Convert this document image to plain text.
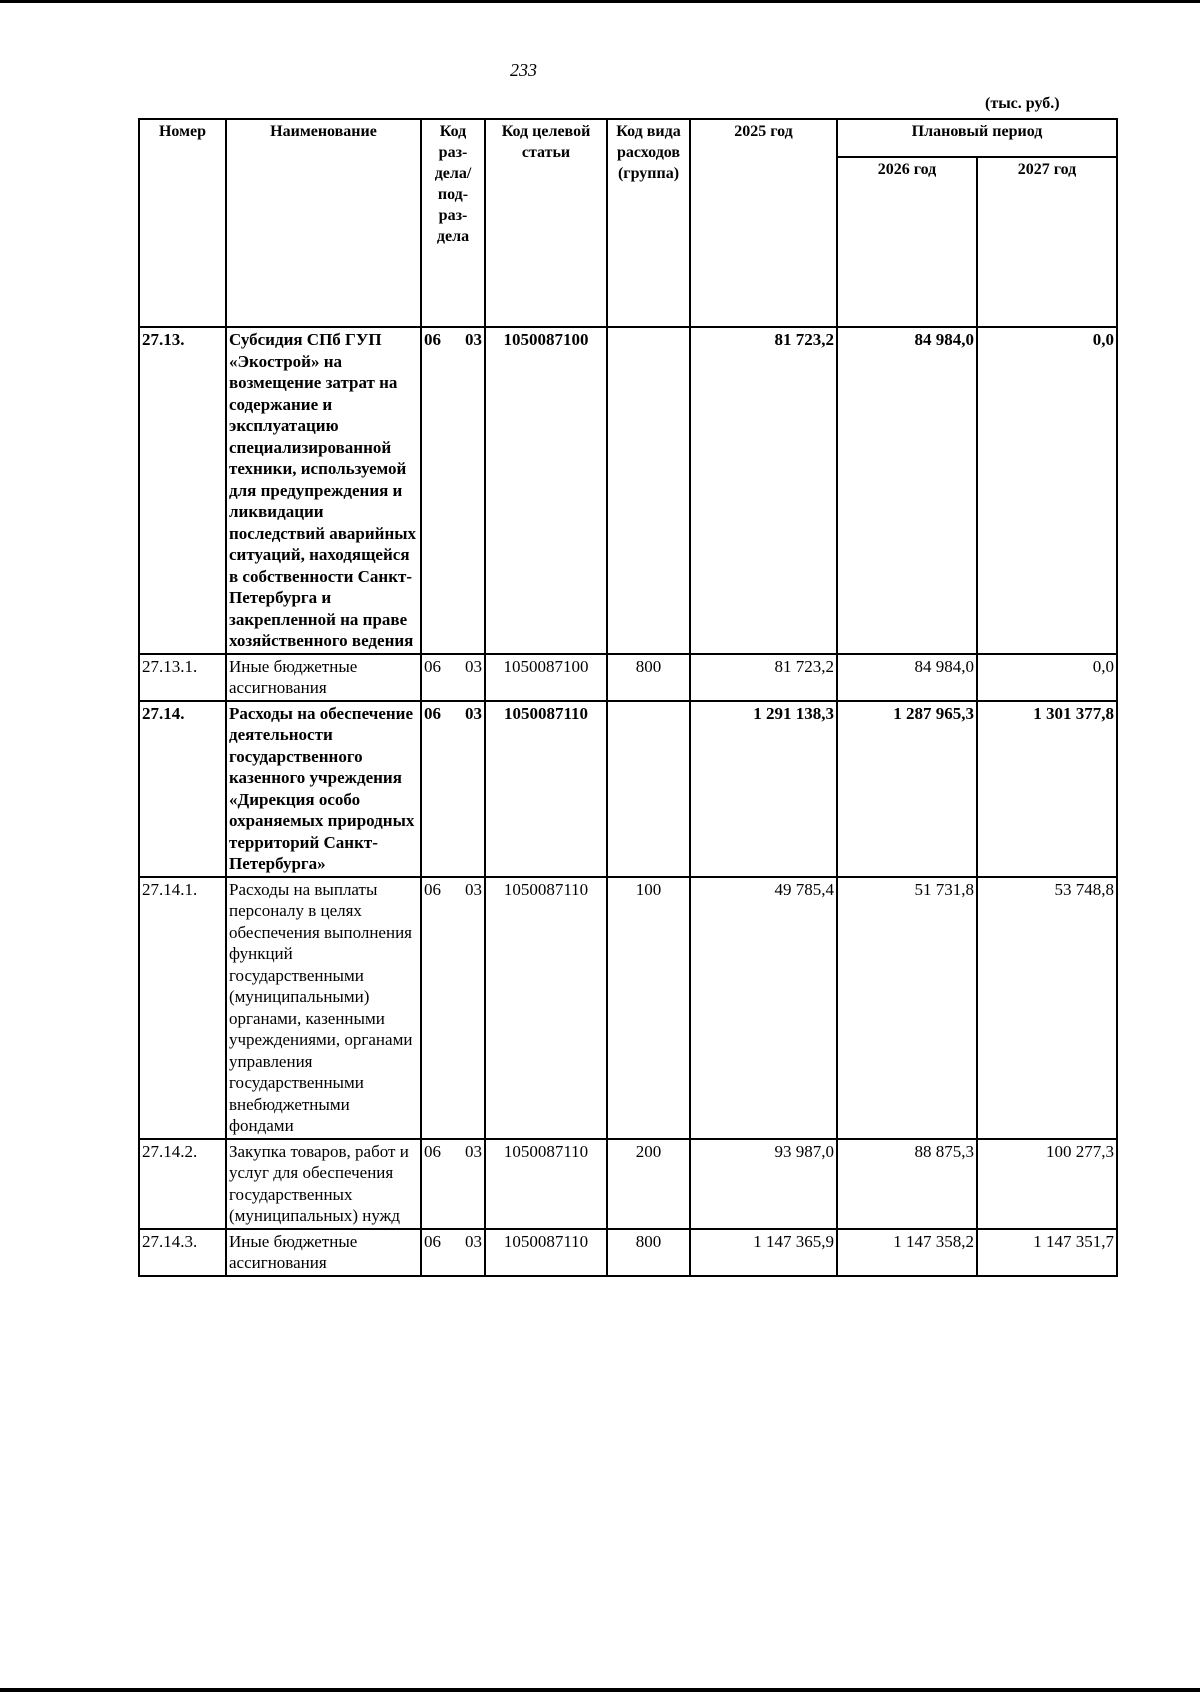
233
(тыс. руб.)
Номер	Наименование	Код раз-дела/ под-раз-дела	Код целевой статьи	Код вида расходов (группа)	2025 год	Плановый период	
						2026 год	2027 год
27.13.	Субсидия СПб ГУП «Экострой» на возмещение затрат на содержание и эксплуатацию специализированной техники, используемой для предупреждения и ликвидации последствий аварийных ситуаций, находящейся в собственности Санкт-Петербурга и закрепленной на праве хозяйственного ведения	06 03	1050087100		81 723,2	84 984,0	0,0
27.13.1.	Иные бюджетные ассигнования	06 03	1050087100	800	81 723,2	84 984,0	0,0
27.14.	Расходы на обеспечение деятельности государственного казенного учреждения «Дирекция особо охраняемых природных территорий Санкт-Петербурга»	06 03	1050087110		1 291 138,3	1 287 965,3	1 301 377,8
27.14.1.	Расходы на выплаты персоналу в целях обеспечения выполнения функций государственными (муниципальными) органами, казенными учреждениями, органами управления государственными внебюджетными фондами	06 03	1050087110	100	49 785,4	51 731,8	53 748,8
27.14.2.	Закупка товаров, работ и услуг для обеспечения государственных (муниципальных) нужд	06 03	1050087110	200	93 987,0	88 875,3	100 277,3
27.14.3.	Иные бюджетные ассигнования	06 03	1050087110	800	1 147 365,9	1 147 358,2	1 147 351,7
